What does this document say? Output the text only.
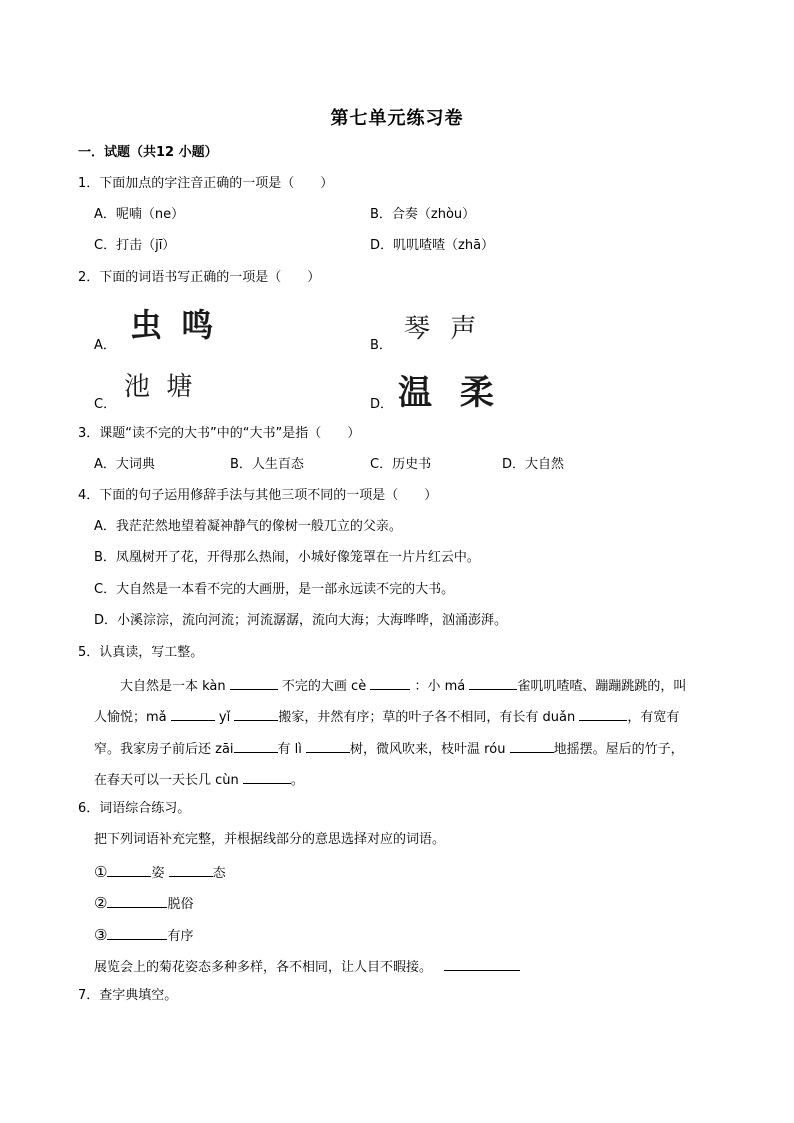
第七单元练习卷
一．试题（共12 小题）
1．下面加点的字注音正确的一项是（　　）
A．呢喃（ne）	B．合奏（zhòu）
C．打击（jī）	D．叽叽喳喳（zhā）
2．下面的词语书写正确的一项是（　　）
A．
虫 鸣
B．
琴 声
C．
池 塘
D． 温 柔
3．课题“读不完的大书”中的“大书”是指（　　）
A．大词典	B．人生百态	C．历史书	D．大自然
4．下面的句子运用修辞手法与其他三项不同的一项是（　　）
A．我茫茫然地望着凝神静气的像树一般兀立的父亲。
B．凤凰树开了花，开得那么热闹，小城好像笼罩在一片片红云中。
C．大自然是一本看不完的大画册，是一部永远读不完的大书。
D．小溪淙淙，流向河流；河流潺潺，流向大海；大海哗哗，汹涌澎湃。
5．认真读，写工整。
大自然是一本 kàn	不完的大画 cè	：小 má	雀叽叽喳喳、蹦蹦跳跳的，叫
人愉悦；mǎ	yǐ	搬家，井然有序；草的叶子各不相同，有长有 duǎn	，有宽有
窄。我家房子前后还 zāi	有 lì	树，微风吹来，枝叶温 róu	地摇摆。屋后的竹子，
在春天可以一天长几 cùn	。
6．词语综合练习。
把下列词语补充完整，并根据线部分的意思选择对应的词语。
①	姿	态
②	脱俗
③	有序
展览会上的菊花姿态多种多样，各不相同，让人目不暇接。
7．查字典填空。
